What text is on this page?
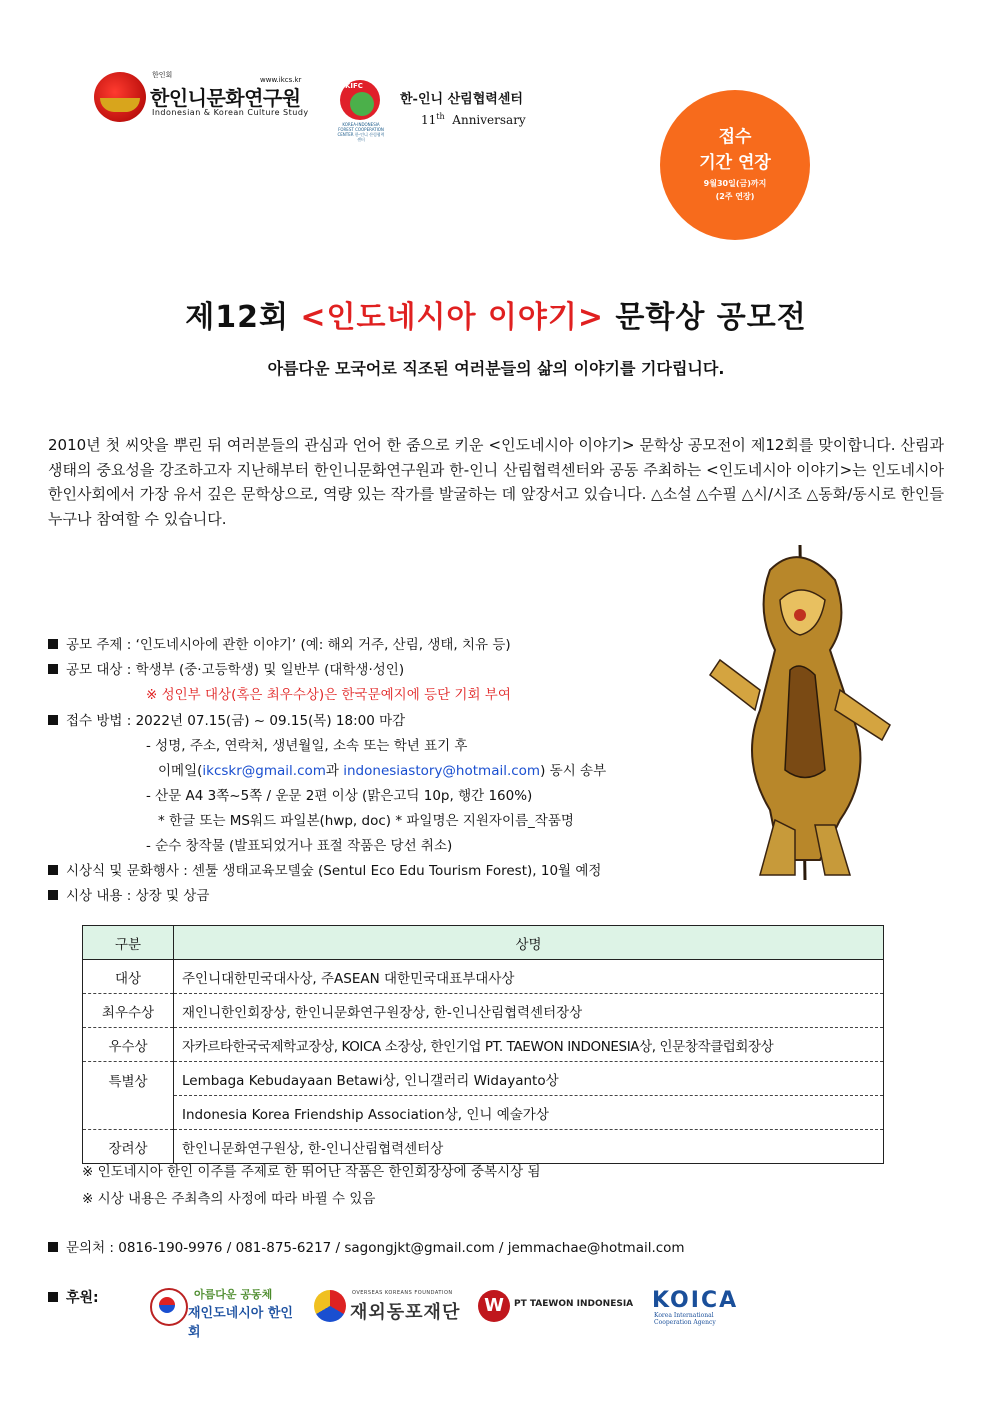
한인회
www.ikcs.kr
한인니문화연구원
Indonesian & Korean Culture Study
KIFC
KOREA-INDONESIA FOREST COOPERATION CENTER 한-인니 산림협력센터
한-인니 산림협력센터
11th Anniversary
접수
기간 연장
9월30일(금)까지
(2주 연장)
제12회 <인도네시아 이야기> 문학상 공모전
아름다운 모국어로 직조된 여러분들의 삶의 이야기를 기다립니다.
2010년 첫 씨앗을 뿌린 뒤 여러분들의 관심과 언어 한 줌으로 키운 <인도네시아 이야기> 문학상 공모전이 제12회를 맞이합니다. 산림과 생태의 중요성을 강조하고자 지난해부터 한인니문화연구원과 한-인니 산림협력센터와 공동 주최하는 <인도네시아 이야기>는 인도네시아 한인사회에서 가장 유서 깊은 문학상으로, 역량 있는 작가를 발굴하는 데 앞장서고 있습니다. △소설 △수필 △시/시조 △동화/동시로 한인들 누구나 참여할 수 있습니다.
공모 주제 : ‘인도네시아에 관한 이야기’ (예: 해외 거주, 산림, 생태, 치유 등)
공모 대상 : 학생부 (중·고등학생) 및 일반부 (대학생·성인)
※ 성인부 대상(혹은 최우수상)은 한국문예지에 등단 기회 부여
접수 방법 : 2022년 07.15(금) ~ 09.15(목) 18:00 마감
- 성명, 주소, 연락처, 생년월일, 소속 또는 학년 표기 후
이메일(ikcskr@gmail.com과 indonesiastory@hotmail.com) 동시 송부
- 산문 A4 3쪽~5쪽 / 운문 2편 이상 (맑은고딕 10p, 행간 160%)
* 한글 또는 MS워드 파일본(hwp, doc) * 파일명은 지원자이름_작품명
- 순수 창작물 (발표되었거나 표절 작품은 당선 취소)
시상식 및 문화행사 : 센툴 생태교육모델숲 (Sentul Eco Edu Tourism Forest), 10월 예정
시상 내용 : 상장 및 상금
구분	상명
대상	주인니대한민국대사상, 주ASEAN 대한민국대표부대사상
최우수상	재인니한인회장상, 한인니문화연구원장상, 한-인니산림협력센터장상
우수상	자카르타한국국제학교장상, KOICA 소장상, 한인기업 PT. TAEWON INDONESIA상, 인문창작클럽회장상
특별상	Lembaga Kebudayaan Betawi상, 인니갤러리 Widayanto상
	Indonesia Korea Friendship Association상, 인니 예술가상
장려상	한인니문화연구원상, 한-인니산림협력센터상
※ 인도네시아 한인 이주를 주제로 한 뛰어난 작품은 한인회장상에 중복시상 됨
※ 시상 내용은 주최측의 사정에 따라 바뀔 수 있음
문의처 : 0816-190-9976 / 081-875-6217 / sagongjkt@gmail.com / jemmachae@hotmail.com
후원:	아름다운 공동체
재인도네시아 한인회
OVERSEAS KOREANS FOUNDATION
재외동포재단	W	PT TAEWON INDONESIA KOICA
Korea International
Cooperation Agency
